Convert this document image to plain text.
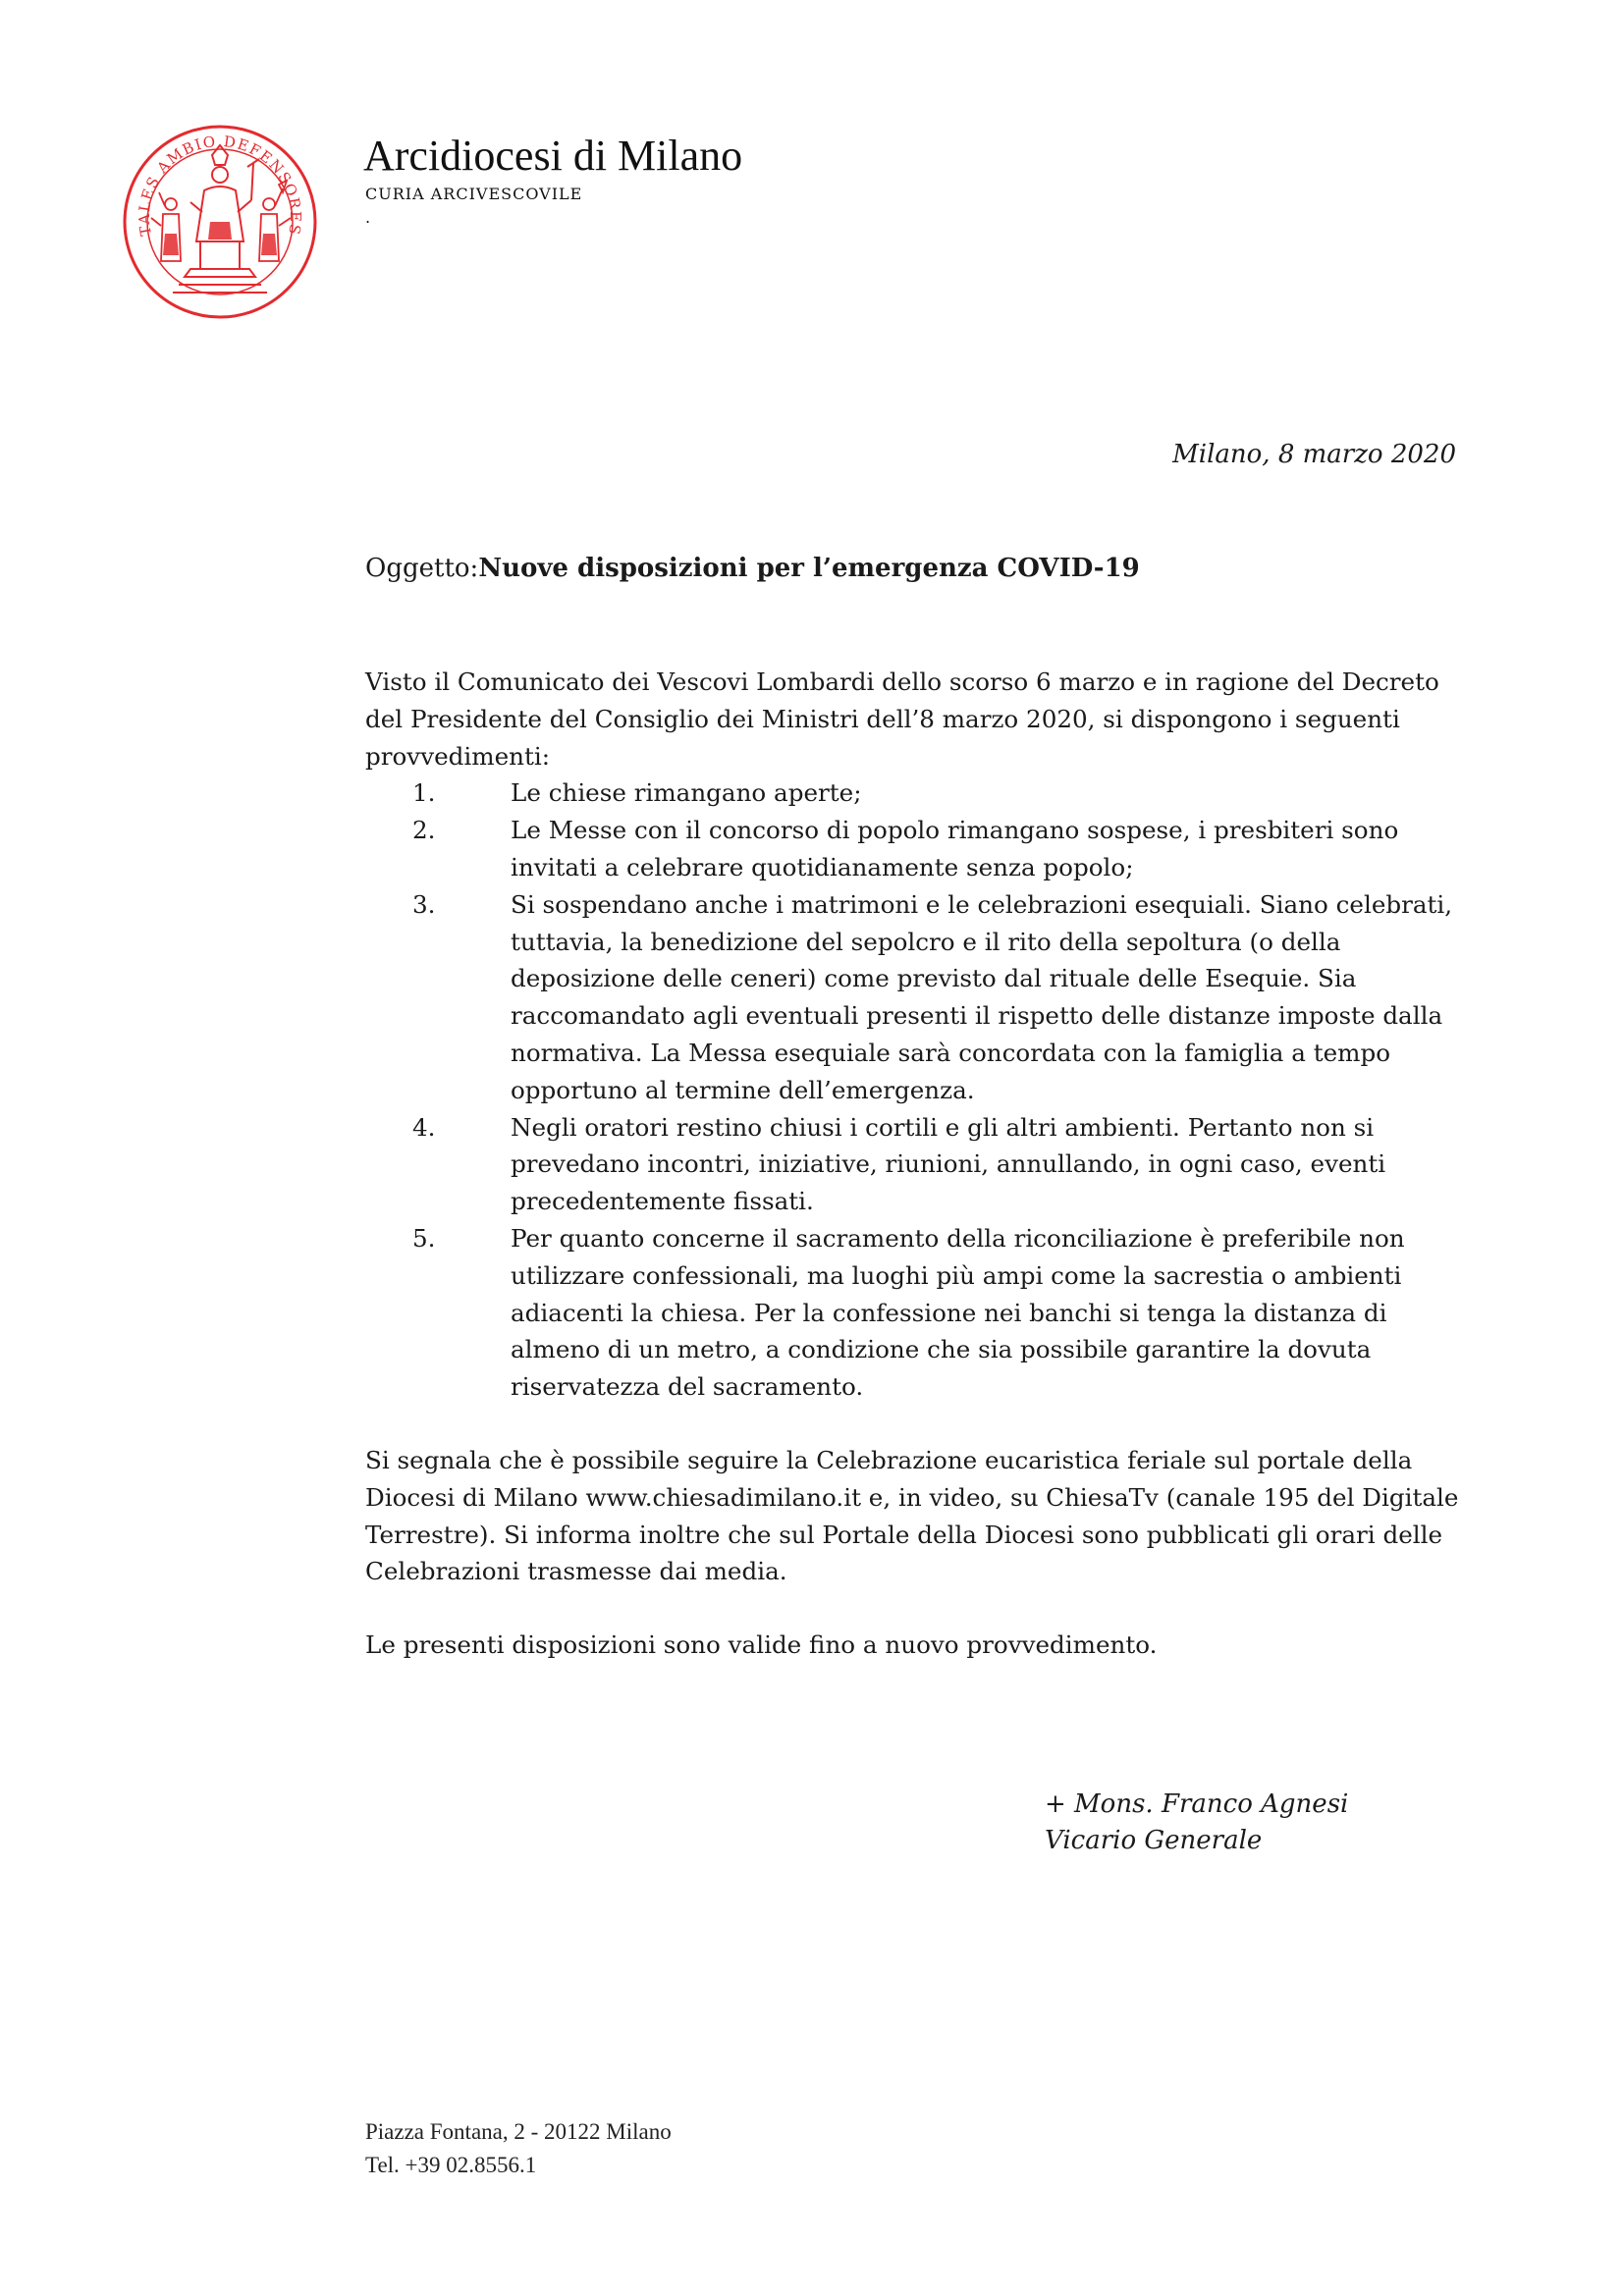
TALES AMBIO DEFENSORES
Arcidiocesi di Milano
CURIA ARCIVESCOVILE
.
Milano, 8 marzo 2020
Oggetto:Nuove disposizioni per l’emergenza COVID-19

Visto il Comunicato dei Vescovi Lombardi dello scorso 6 marzo e in ragione del Decreto del Presidente del Consiglio dei Ministri dell’8 marzo 2020, si dispongono i seguenti provvedimenti:

1.	Le chiese rimangano aperte;
2.	Le Messe con il concorso di popolo rimangano sospese, i presbiteri sono invitati a celebrare quotidianamente senza popolo;
3.	Si sospendano anche i matrimoni e le celebrazioni esequiali. Siano celebrati, tuttavia, la benedizione del sepolcro e il rito della sepoltura (o della deposizione delle ceneri) come previsto dal rituale delle Esequie. Sia raccomandato agli eventuali presenti il rispetto delle distanze imposte dalla normativa. La Messa esequiale sarà concordata con la famiglia a tempo opportuno al termine dell’emergenza.
4.	Negli oratori restino chiusi i cortili e gli altri ambienti. Pertanto non si prevedano incontri, iniziative, riunioni, annullando, in ogni caso, eventi precedentemente fissati.
5.	Per quanto concerne il sacramento della riconciliazione è preferibile non utilizzare confessionali, ma luoghi più ampi come la sacrestia o ambienti adiacenti la chiesa. Per la confessione nei banchi si tenga la distanza di almeno di un metro, a condizione che sia possibile garantire la dovuta riservatezza del sacramento.

Si segnala che è possibile seguire la Celebrazione eucaristica feriale sul portale della Diocesi di Milano www.chiesadimilano.it e, in video, su ChiesaTv (canale 195 del Digitale Terrestre). Si informa inoltre che sul Portale della Diocesi sono pubblicati gli orari delle Celebrazioni trasmesse dai media.

Le presenti disposizioni sono valide fino a nuovo provvedimento.

+ Mons. Franco Agnesi
Vicario Generale
Piazza Fontana, 2 - 20122 Milano
Tel. +39 02.8556.1
